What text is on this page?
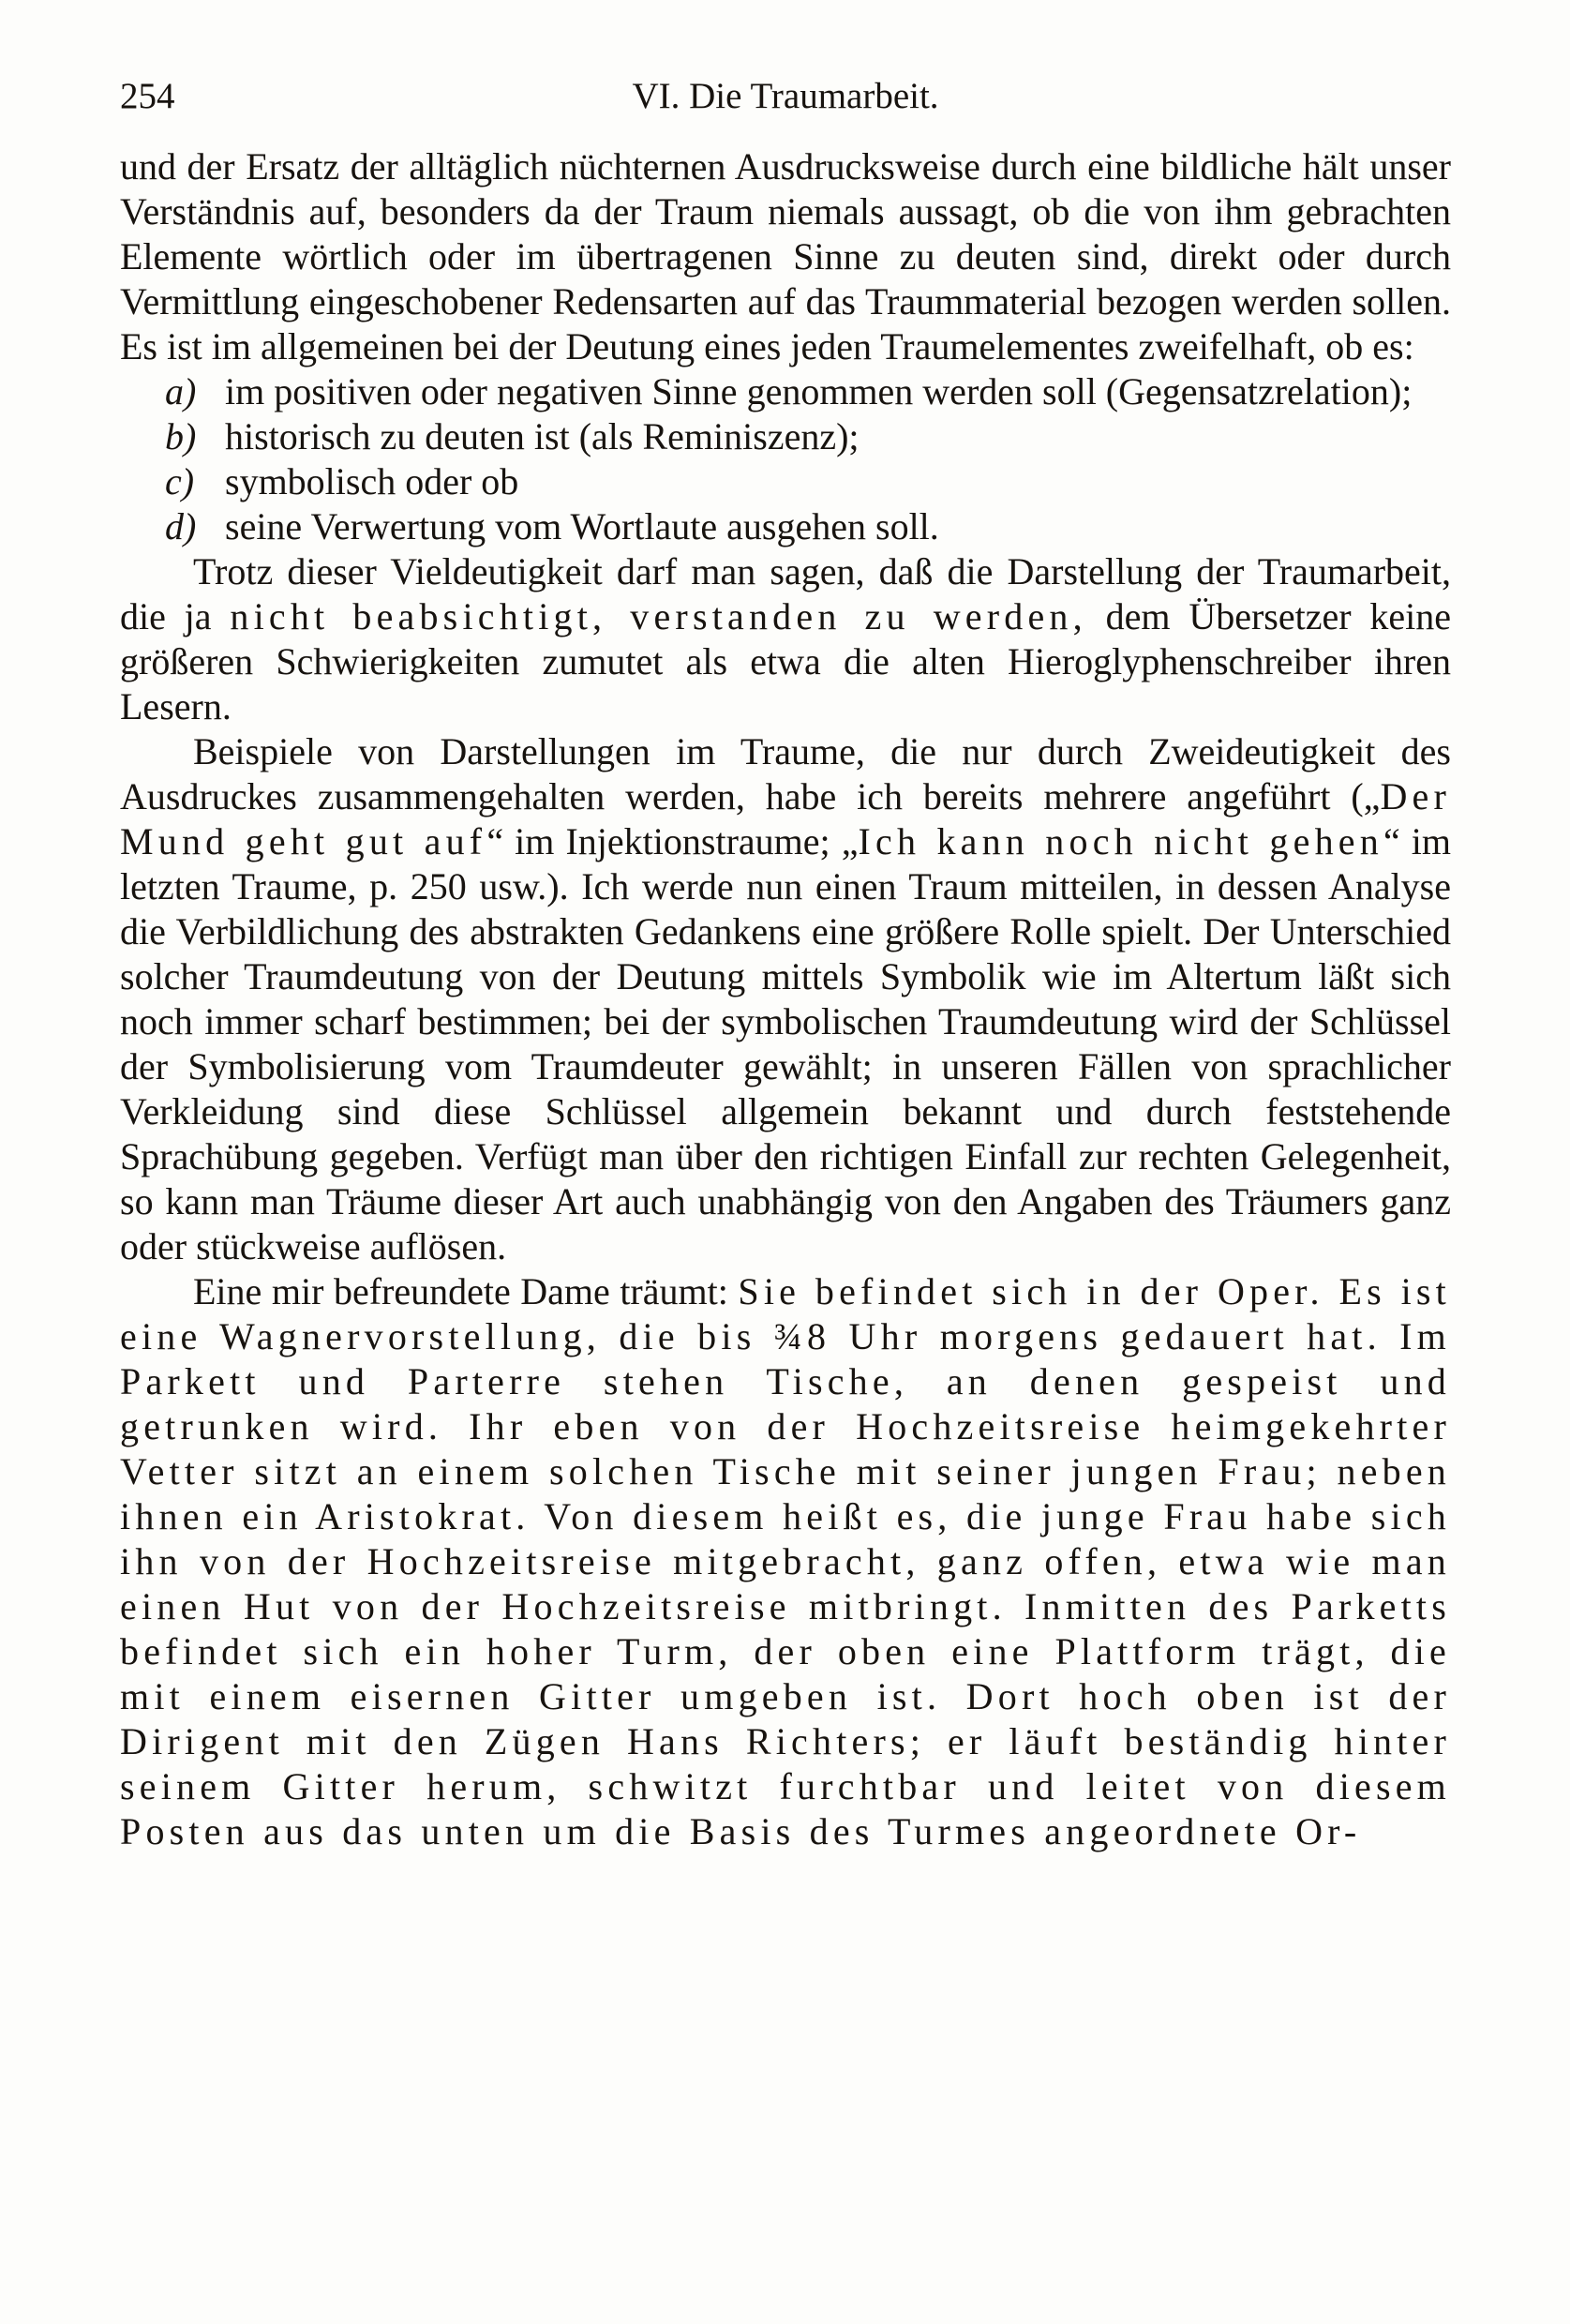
254	VI. Die Traumarbeit.

und der Ersatz der alltäglich nüchternen Ausdrucksweise durch eine bildliche hält unser Verständnis auf, besonders da der Traum niemals aussagt, ob die von ihm gebrachten Elemente wörtlich oder im übertragenen Sinne zu deuten sind, direkt oder durch Vermittlung eingeschobener Redensarten auf das Traummaterial bezogen werden sollen. Es ist im allgemeinen bei der Deutung eines jeden Traumelementes zweifelhaft, ob es:

a) im positiven oder negativen Sinne genommen werden soll (Gegensatzrelation);
b) historisch zu deuten ist (als Reminiszenz);
c) symbolisch oder ob
d) seine Verwertung vom Wortlaute ausgehen soll.

Trotz dieser Vieldeutigkeit darf man sagen, daß die Darstellung der Traumarbeit, die ja nicht beabsichtigt, verstanden zu werden, dem Übersetzer keine größeren Schwierigkeiten zumutet als etwa die alten Hieroglyphenschreiber ihren Lesern.

Beispiele von Darstellungen im Traume, die nur durch Zweideutigkeit des Ausdruckes zusammengehalten werden, habe ich bereits mehrere angeführt („Der Mund geht gut auf“ im Injektionstraume; „Ich kann noch nicht gehen“ im letzten Traume, p. 250 usw.). Ich werde nun einen Traum mitteilen, in dessen Analyse die Verbildlichung des abstrakten Gedankens eine größere Rolle spielt. Der Unterschied solcher Traumdeutung von der Deutung mittels Symbolik wie im Altertum läßt sich noch immer scharf bestimmen; bei der symbolischen Traumdeutung wird der Schlüssel der Symbolisierung vom Traumdeuter gewählt; in unseren Fällen von sprachlicher Verkleidung sind diese Schlüssel allgemein bekannt und durch feststehende Sprachübung gegeben. Verfügt man über den richtigen Einfall zur rechten Gelegenheit, so kann man Träume dieser Art auch unabhängig von den Angaben des Träumers ganz oder stückweise auflösen.

Eine mir befreundete Dame träumt: Sie befindet sich in der Oper. Es ist eine Wagnervorstellung, die bis ¾8 Uhr morgens gedauert hat. Im Parkett und Parterre stehen Tische, an denen gespeist und getrunken wird. Ihr eben von der Hochzeitsreise heimgekehrter Vetter sitzt an einem solchen Tische mit seiner jungen Frau; neben ihnen ein Aristokrat. Von diesem heißt es, die junge Frau habe sich ihn von der Hochzeitsreise mitgebracht, ganz offen, etwa wie man einen Hut von der Hochzeitsreise mitbringt. Inmitten des Parketts befindet sich ein hoher Turm, der oben eine Plattform trägt, die mit einem eisernen Gitter umgeben ist. Dort hoch oben ist der Dirigent mit den Zügen Hans Richters; er läuft beständig hinter seinem Gitter herum, schwitzt furchtbar und leitet von diesem Posten aus das unten um die Basis des Turmes angeordnete Or-
